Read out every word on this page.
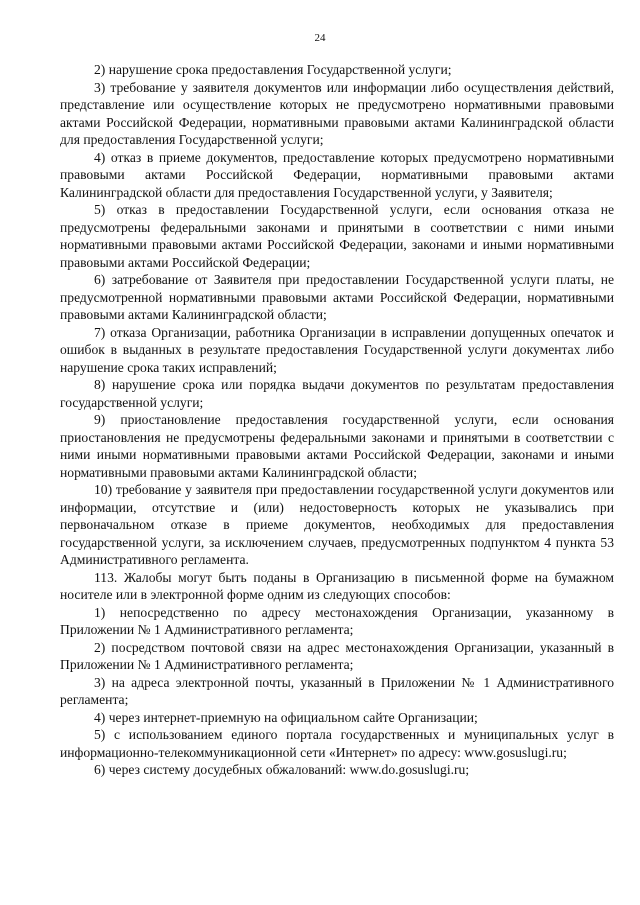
24

2) нарушение срока предоставления Государственной услуги;

3) требование у заявителя документов или информации либо осуществления действий, представление или осуществление которых не предусмотрено нормативными правовыми актами Российской Федерации, нормативными правовыми актами Калининградской области для предоставления Государственной услуги;

4) отказ в приеме документов, предоставление которых предусмотрено нормативными правовыми актами Российской Федерации, нормативными правовыми актами Калининградской области для предоставления Государственной услуги, у Заявителя;

5) отказ в предоставлении Государственной услуги, если основания отказа не предусмотрены федеральными законами и принятыми в соответствии с ними иными нормативными правовыми актами Российской Федерации, законами и иными нормативными правовыми актами Российской Федерации;

6) затребование от Заявителя при предоставлении Государственной услуги платы, не предусмотренной нормативными правовыми актами Российской Федерации, нормативными правовыми актами Калининградской области;

7) отказа Организации, работника Организации в исправлении допущенных опечаток и ошибок в выданных в результате предоставления Государственной услуги документах либо нарушение срока таких исправлений;

8) нарушение срока или порядка выдачи документов по результатам предоставления государственной услуги;

9) приостановление предоставления государственной услуги, если основания приостановления не предусмотрены федеральными законами и принятыми в соответствии с ними иными нормативными правовыми актами Российской Федерации, законами и иными нормативными правовыми актами Калининградской области;

10) требование у заявителя при предоставлении государственной услуги документов или информации, отсутствие и (или) недостоверность которых не указывались при первоначальном отказе в приеме документов, необходимых для предоставления государственной услуги, за исключением случаев, предусмотренных подпунктом 4 пункта 53 Административного регламента.

113. Жалобы могут быть поданы в Организацию в письменной форме на бумажном носителе или в электронной форме одним из следующих способов:

1) непосредственно по адресу местонахождения Организации, указанному в Приложении № 1 Административного регламента;

2) посредством почтовой связи на адрес местонахождения Организации, указанный в Приложении № 1 Административного регламента;

3) на адреса электронной почты, указанный в Приложении № 1 Административного регламента;

4) через интернет-приемную на официальном сайте Организации;

5) с использованием единого портала государственных и муниципальных услуг в информационно-телекоммуникационной сети «Интернет» по адресу: www.gosuslugi.ru;

6) через систему досудебных обжалований: www.do.gosuslugi.ru;
